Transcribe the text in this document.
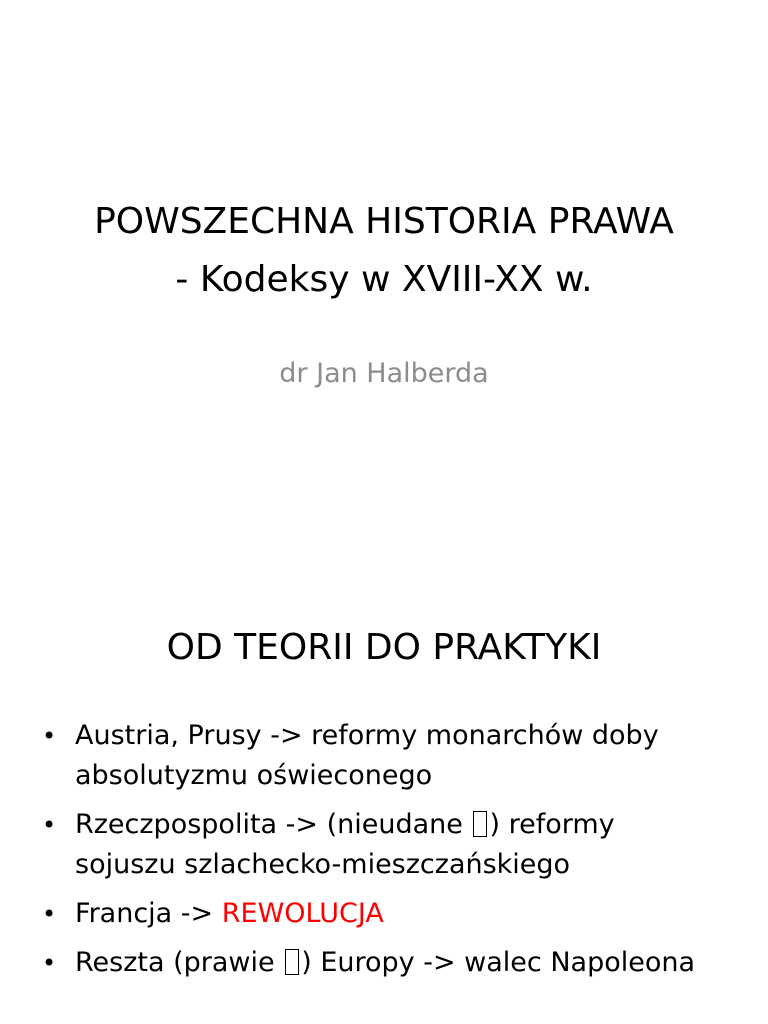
POWSZECHNA HISTORIA PRAWA
- Kodeksy w XVIII-XX w.
dr Jan Halberda
OD TEORII DO PRAKTYKI
• Austria, Prusy -> reformy monarchów doby
absolutyzmu oświeconego
• Rzeczpospolita -> (nieudane ) reformy
sojuszu szlachecko-mieszczańskiego
• Francja -> REWOLUCJA
• Reszta (prawie ) Europy -> walec Napoleona
